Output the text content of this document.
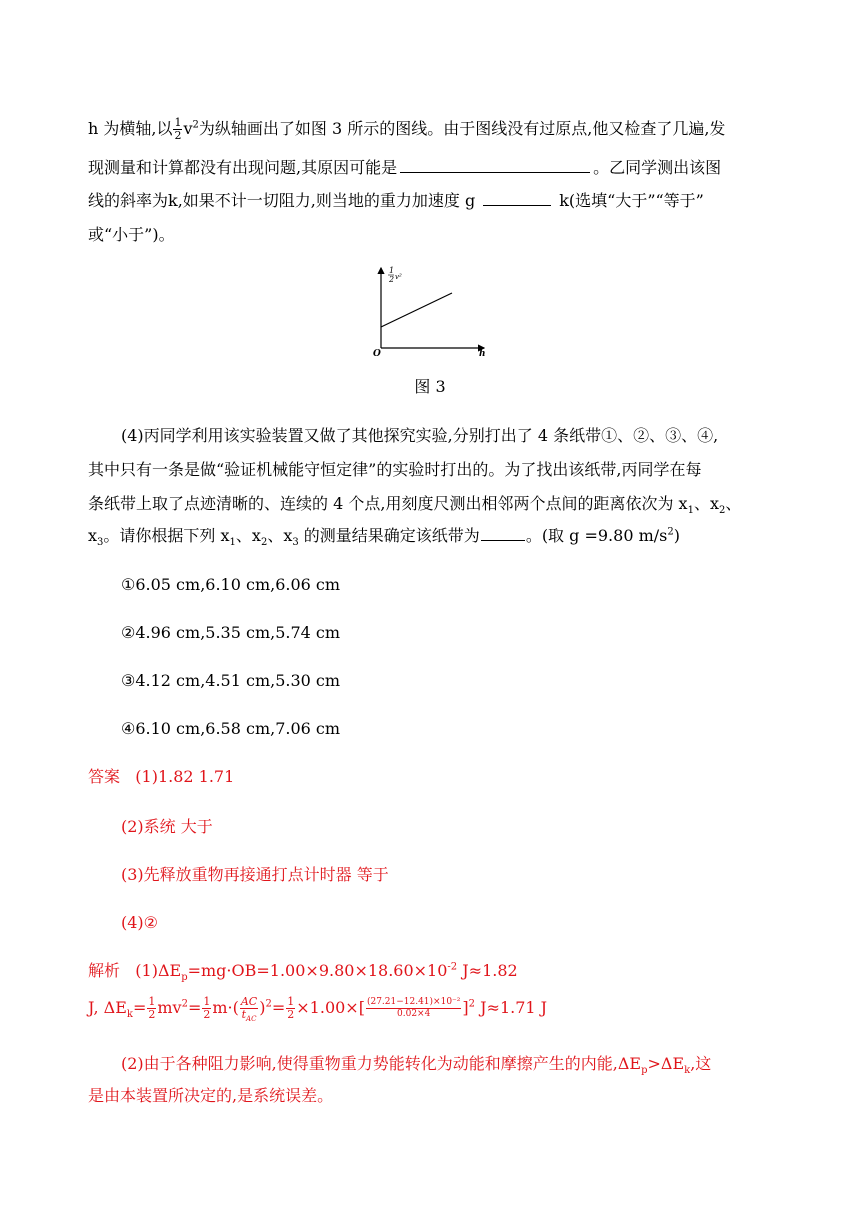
h 为横轴,以 $\frac{1}{2} v^2$为纵轴画出了如图 3 所示的图线。由于图线没有过原点,他又检查了几遍,发
现测量和计算都没有出现问题,其原因可能是	。乙同学测出该图
线的斜率为k,如果不计一切阻力,则当地的重力加速度 g	k(选填“大于”“等于”
或“小于”)。
1
2 v²
O	h
图 3
(4)丙同学利用该实验装置又做了其他探究实验,分别打出了 4 条纸带①、②、③、④,
其中只有一条是做“验证机械能守恒定律”的实验时打出的。为了找出该纸带,丙同学在每
条纸带上取了点迹清晰的、连续的 4 个点,用刻度尺测出相邻两个点间的距离依次为 $x_1$、$x_2$、
$x_3$。请你根据下列 $x_1$、$x_2$、$x_3$ 的测量结果确定该纸带为	。(取 g =9.80 $m/s^2$)
①6.05 cm,6.10 cm,6.06 cm
②4.96 cm,5.35 cm,5.74 cm
③4.12 cm,4.51 cm,5.30 cm
④6.10 cm,6.58 cm,7.06 cm
答案 (1)1.82 1.71
(2)系统 大于
(3)先释放重物再接通打点计时器 等于
(4)②
解析 $(1)\Delta E_p=mg\cdot OB=1.00\times 9.80\times 18.60\times 10^{-2}$ J≈1.82
J, $\Delta E_k= \frac{1}{2} mv^2= \frac{1}{2} m\cdot( \frac{AC}{t_{AC}} )^2= \frac{1}{2} \times 1.00\times[ \frac{\text{(27.21−12.41)×10⁻²}}{0.02\times 4} ]^2$ J≈1.71 J
(2)由于各种阻力影响,使得重物重力势能转化为动能和摩擦产生的内能$,\Delta E_p>\Delta E_k$,这
是由本装置所决定的,是系统误差。
